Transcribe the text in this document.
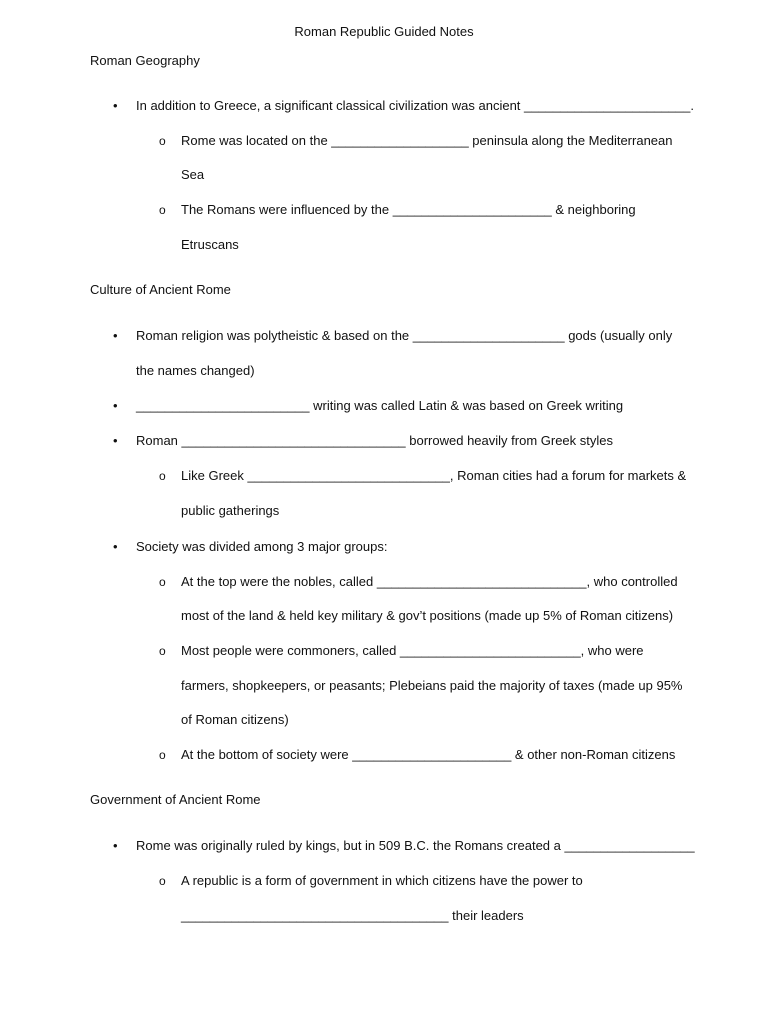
Roman Republic Guided Notes
Roman Geography
•	In addition to Greece, a significant classical civilization was ancient _______________________.
o Rome was located on the ___________________ peninsula along the Mediterranean
Sea
o The Romans were influenced by the ______________________ & neighboring
Etruscans
Culture of Ancient Rome
•	Roman religion was polytheistic & based on the _____________________ gods (usually only
the names changed)
•	________________________ writing was called Latin & was based on Greek writing
•	Roman _______________________________ borrowed heavily from Greek styles
o Like Greek ____________________________, Roman cities had a forum for markets &
public gatherings
•	Society was divided among 3 major groups:
o At the top were the nobles, called _____________________________, who controlled
most of the land & held key military & gov’t positions (made up 5% of Roman citizens)
o Most people were commoners, called _________________________, who were
farmers, shopkeepers, or peasants; Plebeians paid the majority of taxes (made up 95%
of Roman citizens)
o At the bottom of society were ______________________ & other non-Roman citizens
Government of Ancient Rome
•	Rome was originally ruled by kings, but in 509 B.C. the Romans created a __________________
o A republic is a form of government in which citizens have the power to
_____________________________________ their leaders
